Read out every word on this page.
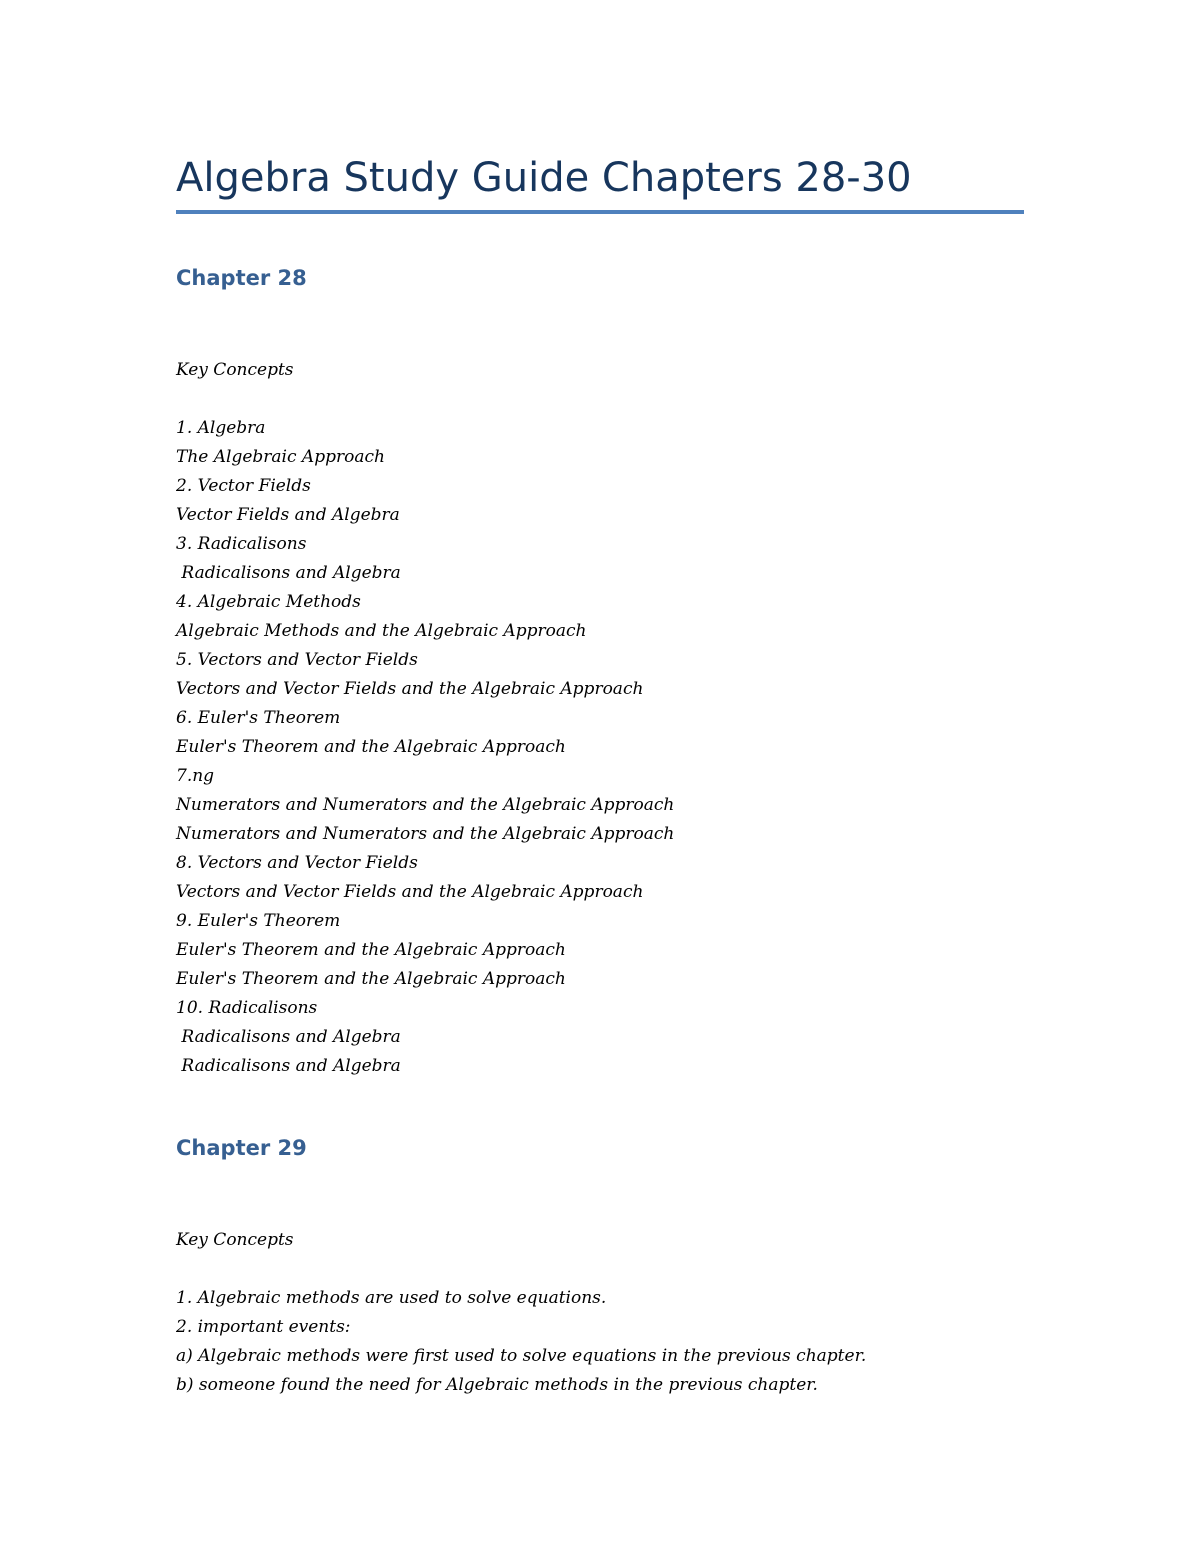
Algebra Study Guide Chapters 28-30
Chapter 28
Key Concepts
1. Algebra
The Algebraic Approach
2. Vector Fields
Vector Fields and Algebra
3. Radicalisons
Radicalisons and Algebra
4. Algebraic Methods
Algebraic Methods and the Algebraic Approach
5. Vectors and Vector Fields
Vectors and Vector Fields and the Algebraic Approach
6. Euler's Theorem
Euler's Theorem and the Algebraic Approach
7.ng
Numerators and Numerators and the Algebraic Approach
Numerators and Numerators and the Algebraic Approach
8. Vectors and Vector Fields
Vectors and Vector Fields and the Algebraic Approach
9. Euler's Theorem
Euler's Theorem and the Algebraic Approach
Euler's Theorem and the Algebraic Approach
10. Radicalisons
Radicalisons and Algebra
Radicalisons and Algebra
Chapter 29
Key Concepts
1. Algebraic methods are used to solve equations.
2. important events:
a) Algebraic methods were first used to solve equations in the previous chapter.
b) someone found the need for Algebraic methods in the previous chapter.
